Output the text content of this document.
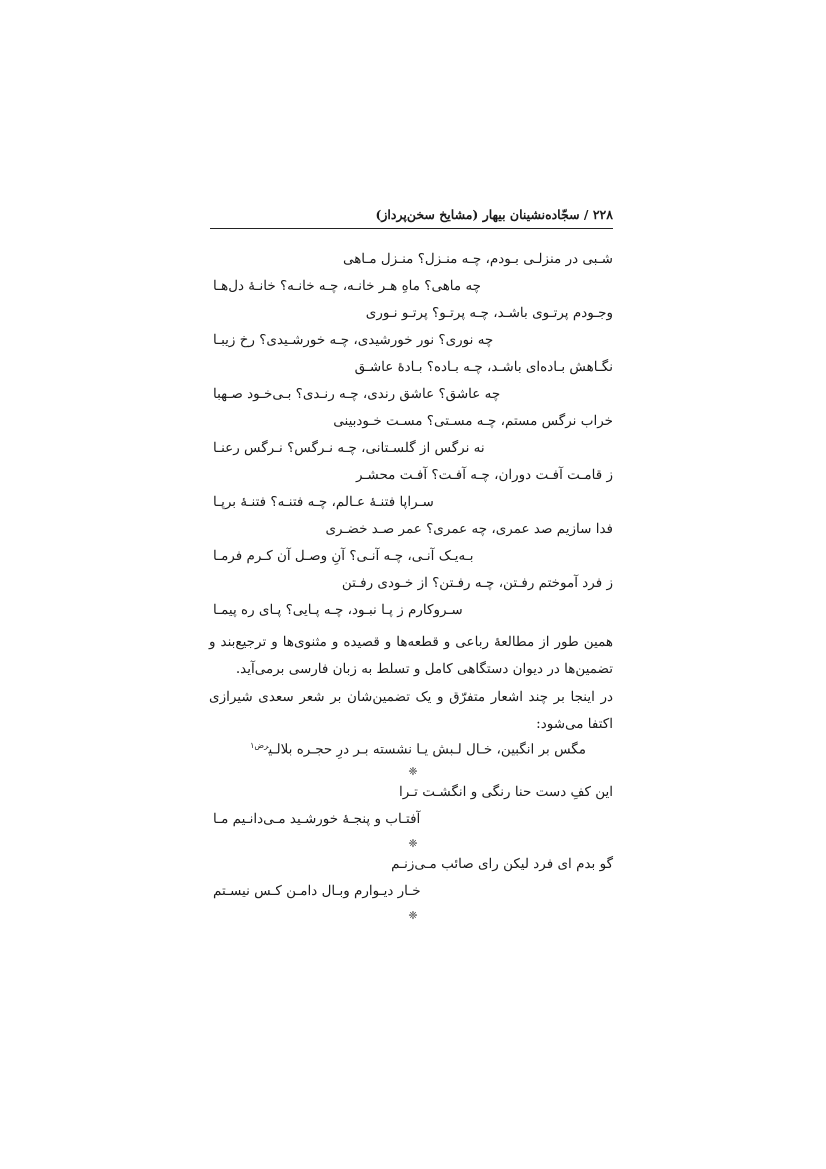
۲۲۸ / سجّاده‌نشینان بیهار (مشایخ سخن‌پرداز)
شـبی در منزلـی بـودم، چـه منـزل؟ منـزل مـاهی
چه ماهی؟ ماهِ هـر خانـه، چـه خانـه؟ خانـهٔ دل‌هـا
وجـودم پرتـوی باشـد، چـه پرتـو؟ پرتـو نـوری
چه نوری؟ نور خورشیدی، چـه خورشـیدی؟ رخ زیبـا
نگـاهش بـاده‌ای باشـد، چـه بـاده؟ بـادهٔ عاشـق
چه عاشق؟ عاشق رندی، چـه رنـدی؟ بـی‌خـود صـهبا
خراب نرگس مستم، چـه مسـتی؟ مسـت خـودبینی
نه نرگس از گلسـتانی، چـه نـرگس؟ نـرگس رعنـا
ز قامـت آفـت دوران، چـه آفـت؟ آفـت محشـر
سـراپا فتنـهٔ عـالم، چـه فتنـه؟ فتنـهٔ برپـا
فدا سازیم صد عمری، چه عمری؟ عمر صـد خضـری
بـه‌یـک آنـی، چـه آنـی؟ آنِ وصـل آن کـرم فرمـا
ز فرد آموختم رفـتن، چـه رفـتن؟ از خـودی رفـتن
سـروکارم ز پـا نبـود، چـه پـایی؟ پـای ره پیمـا
همین طور از مطالعهٔ رباعی و قطعه‌ها و قصیده و مثنوی‌ها و ترجیع‌بند و تضمین‌ها در دیوان دستگاهی کامل و تسلط به زبان فارسی برمی‌آید.
در اینجا بر چند اشعار متفرّق و یک تضمین‌شان بر شعر سعدی شیرازی اکتفا می‌شود:
مگس بر انگبین، خـال لـبش یـا نشسته بـر درِ حجـره بلالـی$^{رض۱}$
❈
این کفِ دست حنا رنگی و انگشـت تـرا
آفتـاب و پنجـهٔ خورشـید مـی‌دانـیم مـا
❈
گو بدم ای فرد لیکن رای صائب مـی‌زنـم
خـار دیـوارم وبـال دامـن کـس نیسـتم
❈
